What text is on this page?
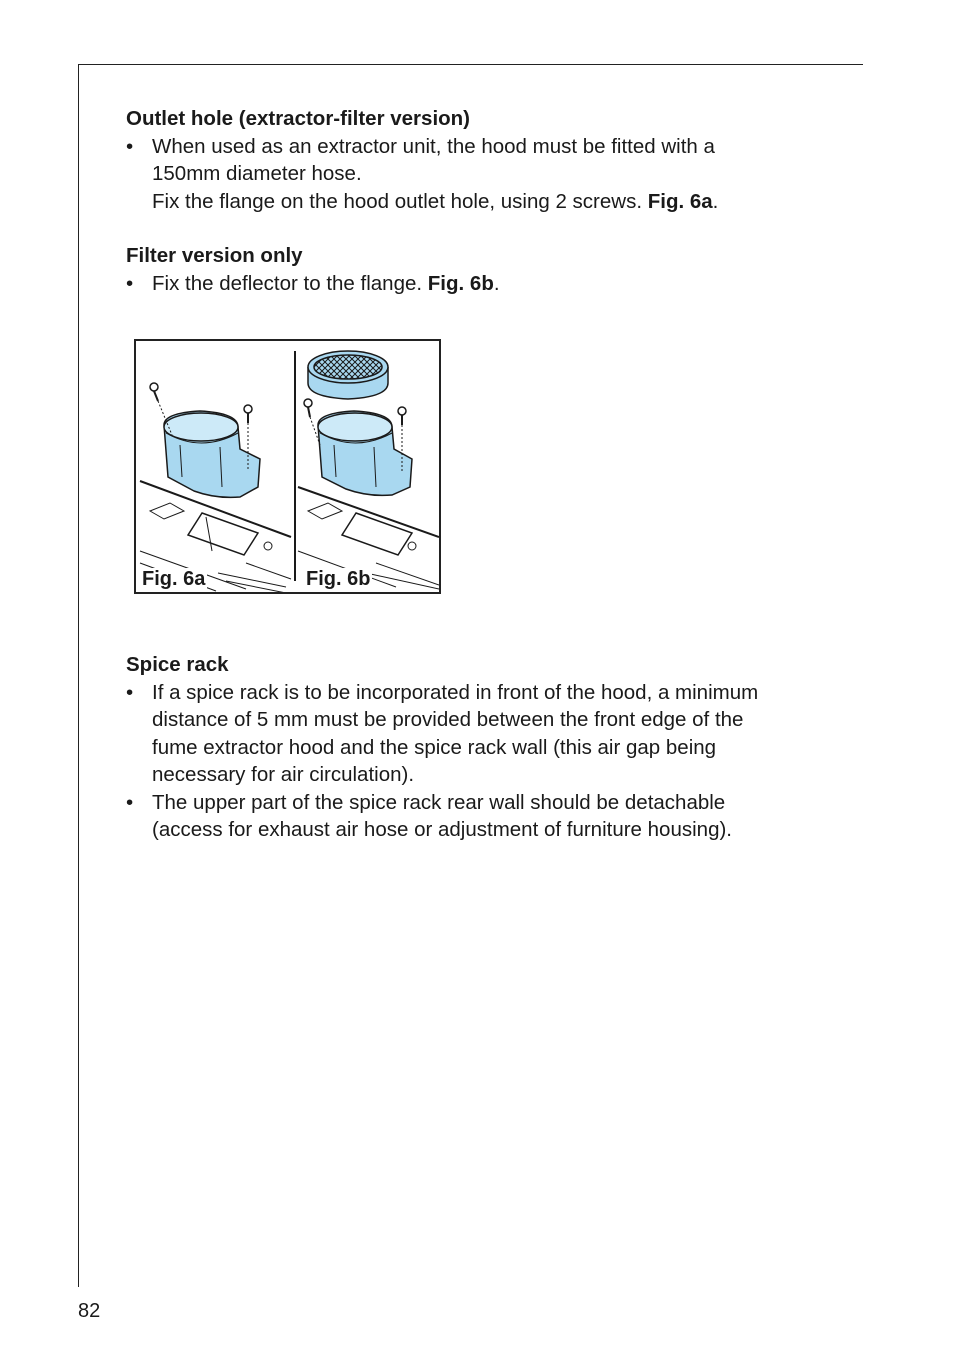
Outlet hole (extractor-filter version)
• When used as an extractor unit, the hood must be fitted with a
150mm diameter hose.
Fix the flange on the hood outlet hole, using 2 screws. Fig. 6a.
Filter version only
• Fix the deflector to the flange. Fig. 6b.
Fig. 6a	Fig. 6b
Spice rack
• If a spice rack is to be incorporated in front of the hood, a minimum
distance of 5 mm must be provided between the front edge of the
fume extractor hood and the spice rack wall (this air gap being
necessary for air circulation).
• The upper part of the spice rack rear wall should be detachable
(access for exhaust air hose or adjustment of furniture housing).
82
